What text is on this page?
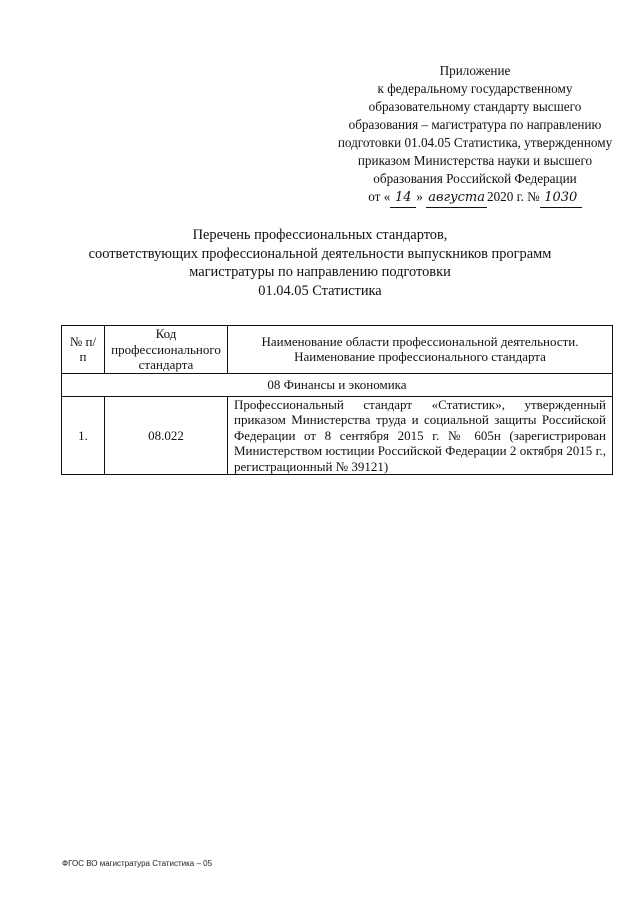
Приложение
к федеральному государственному
образовательному стандарту высшего
образования – магистратура по направлению
подготовки 01.04.05 Статистика, утвержденному
приказом Министерства науки и высшего
образования Российской Федерации
от « 14 » августа 2020 г. № 1030
Перечень профессиональных стандартов,
соответствующих профессиональной деятельности выпускников программ
магистратуры по направлению подготовки
01.04.05 Статистика
№ п/п	Код профессионального стандарта	Наименование области профессиональной деятельности. Наименование профессионального стандарта
08 Финансы и экономика		
1.	08.022	Профессиональный стандарт «Статистик», утвержденный приказом Министерства труда и социальной защиты Российской Федерации от 8 сентября 2015 г. № 605н (зарегистрирован Министерством юстиции Российской Федерации 2 октября 2015 г., регистрационный № 39121)
ФГОС ВО магистратура Статистика – 05
